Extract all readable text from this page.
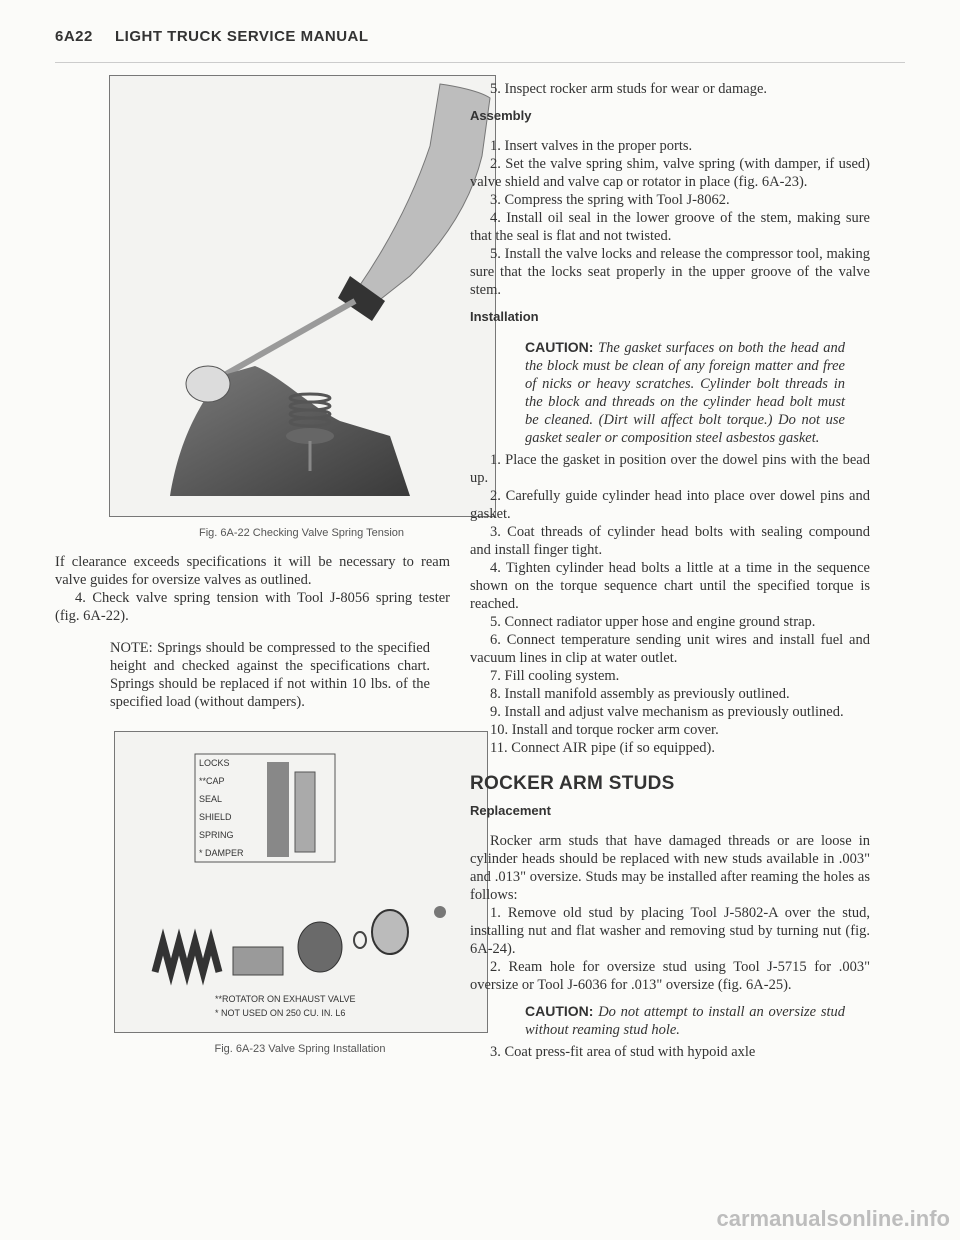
6A22 LIGHT TRUCK SERVICE MANUAL
Fig. 6A-22 Checking Valve Spring Tension

If clearance exceeds specifications it will be necessary to ream valve guides for oversize valves as outlined.

4. Check valve spring tension with Tool J-8056 spring tester (fig. 6A-22).

NOTE: Springs should be compressed to the specified height and checked against the specifications chart. Springs should be replaced if not within 10 lbs. of the specified load (without dampers).

LOCKS
**CAP
SEAL
SHIELD
SPRING
* DAMPER
**ROTATOR ON EXHAUST VALVE
* NOT USED ON 250 CU. IN. L6
Fig. 6A-23 Valve Spring Installation

5. Inspect rocker arm studs for wear or damage.

Assembly

1. Insert valves in the proper ports.

2. Set the valve spring shim, valve spring (with damper, if used) valve shield and valve cap or rotator in place (fig. 6A-23).

3. Compress the spring with Tool J-8062.

4. Install oil seal in the lower groove of the stem, making sure that the seal is flat and not twisted.

5. Install the valve locks and release the compressor tool, making sure that the locks seat properly in the upper groove of the valve stem.

Installation

CAUTION: The gasket surfaces on both the head and the block must be clean of any foreign matter and free of nicks or heavy scratches. Cylinder bolt threads in the block and threads on the cylinder head bolt must be cleaned. (Dirt will affect bolt torque.) Do not use gasket sealer or composition steel asbestos gasket.

1. Place the gasket in position over the dowel pins with the bead up.

2. Carefully guide cylinder head into place over dowel pins and gasket.

3. Coat threads of cylinder head bolts with sealing compound and install finger tight.

4. Tighten cylinder head bolts a little at a time in the sequence shown on the torque sequence chart until the specified torque is reached.

5. Connect radiator upper hose and engine ground strap.

6. Connect temperature sending unit wires and install fuel and vacuum lines in clip at water outlet.

7. Fill cooling system.

8. Install manifold assembly as previously outlined.

9. Install and adjust valve mechanism as previously outlined.

10. Install and torque rocker arm cover.

11. Connect AIR pipe (if so equipped).

ROCKER ARM STUDS
Replacement

Rocker arm studs that have damaged threads or are loose in cylinder heads should be replaced with new studs available in .003" and .013" oversize. Studs may be installed after reaming the holes as follows:

1. Remove old stud by placing Tool J-5802-A over the stud, installing nut and flat washer and removing stud by turning nut (fig. 6A-24).

2. Ream hole for oversize stud using Tool J-5715 for .003" oversize or Tool J-6036 for .013" oversize (fig. 6A-25).

CAUTION: Do not attempt to install an oversize stud without reaming stud hole.

3. Coat press-fit area of stud with hypoid axle

carmanualsonline.info
